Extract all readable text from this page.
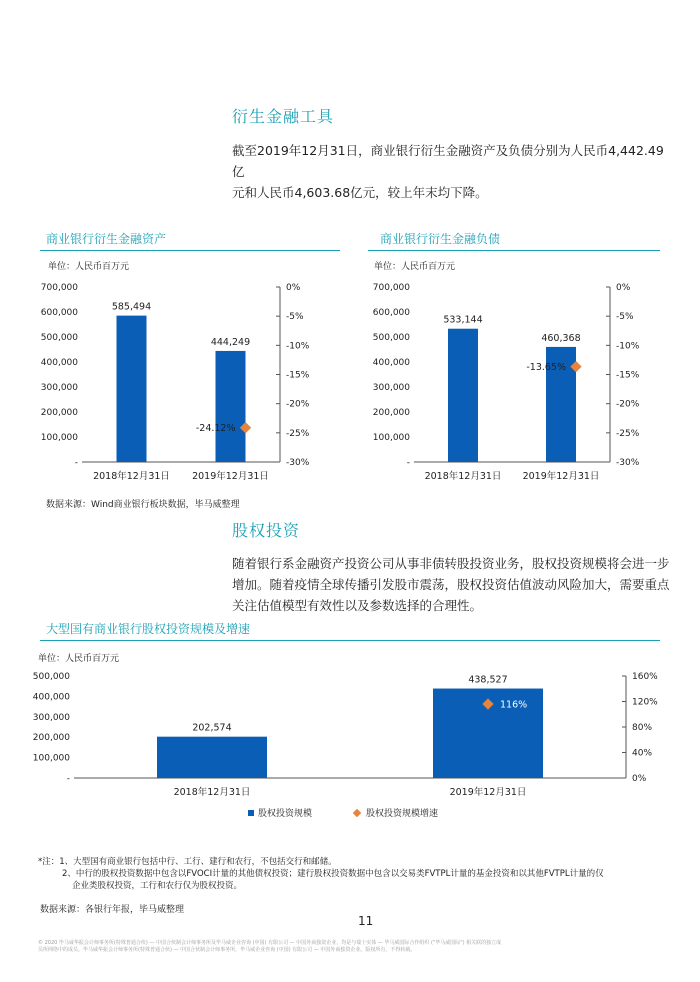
衍生金融工具
截至2019年12月31日，商业银行衍生金融资产及负债分别为人民币4,442.49亿
元和人民币4,603.68亿元，较上年末均下降。
商业银行衍生金融资产
单位：人民币百万元
-
100,000
200,000
300,000
400,000
500,000
600,000
700,000	0%
-5%
-10%
-15%
-20%
-25%
-30%
2018年12月31日
585,494
2019年12月31日
444,249
-24.12%
商业银行衍生金融负债
单位：人民币百万元
-
100,000
200,000
300,000
400,000
500,000
600,000
700,000	0%
-5%
-10%
-15%
-20%
-25%
-30%
2018年12月31日
533,144
2019年12月31日
460,368
-13.65%
数据来源：Wind商业银行板块数据，毕马威整理
股权投资
随着银行系金融资产投资公司从事非债转股投资业务，股权投资规模将会进一步
增加。随着疫情全球传播引发股市震荡，股权投资估值波动风险加大，需要重点
关注估值模型有效性以及参数选择的合理性。
大型国有商业银行股权投资规模及增速
单位：人民币百万元
-
100,000
200,000
300,000
400,000
500,000
0%
40%
80%
120%
160%
2018年12月31日
202,574
2019年12月31日
438,527
116%
股权投资规模	股权投资规模增速
*注：1、大型国有商业银行包括中行、工行、建行和农行，不包括交行和邮储。
2、中行的股权投资数据中包含以FVOCI计量的其他债权投资；建行股权投资数据中包含以交易类FVTPL计量的基金投资和以其他FVTPL计量的仅
企业类股权投资，工行和农行仅为股权投资。
数据来源：各银行年报，毕马威整理
11
© 2020 毕马威华振会计师事务所(特殊普通合伙) — 中国合伙制会计师事务所及毕马威企业咨询 (中国) 有限公司 — 中国外商独资企业，均是与瑞士实体 — 毕马威国际合作组织 ("毕马威国际") 相关联的独立成
员所网络中的成员。毕马威华振会计师事务所(特殊普通合伙) — 中国合伙制会计师事务所，毕马威企业咨询 (中国) 有限公司 — 中国外商独资企业。版权所有，不得转载。
